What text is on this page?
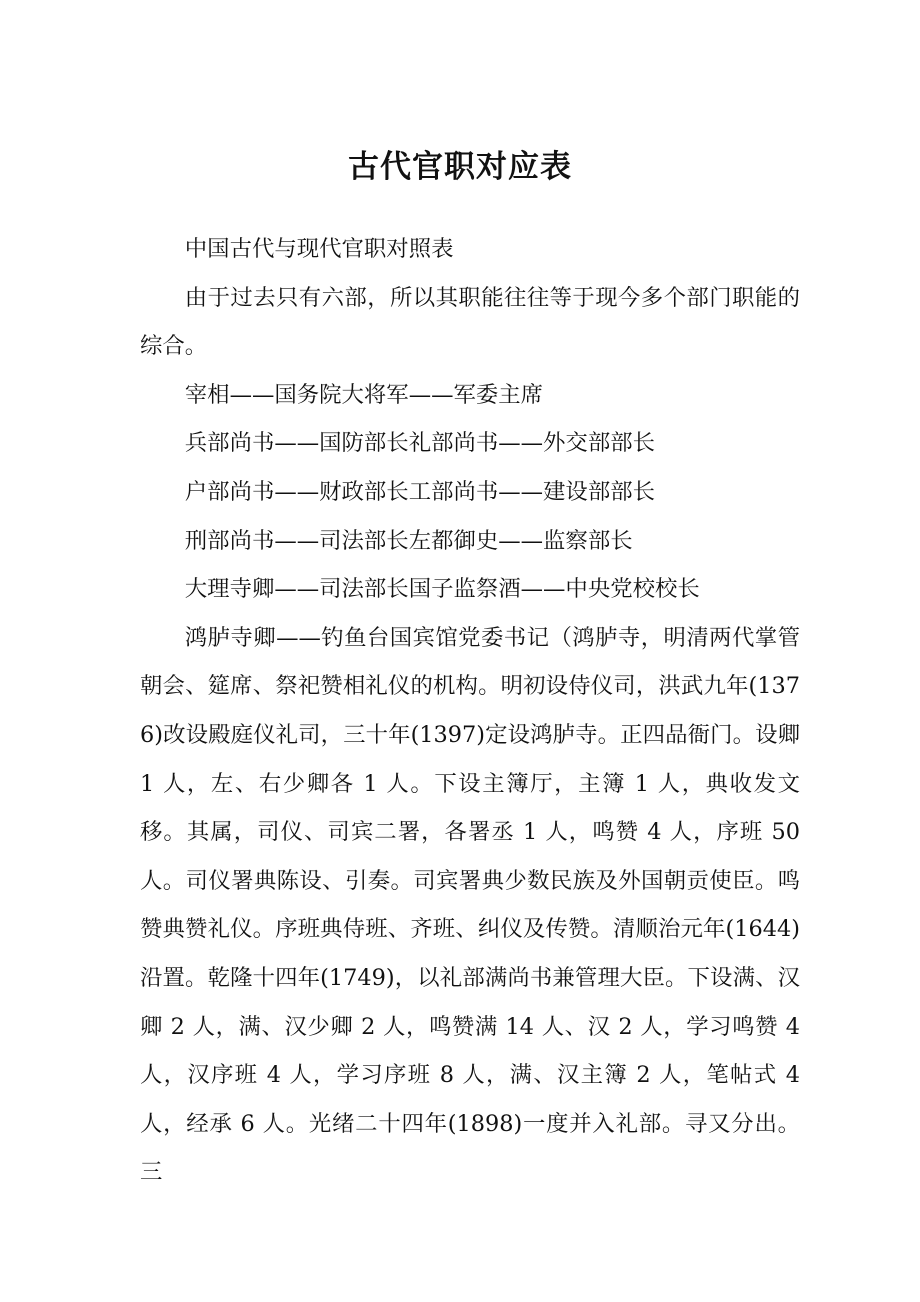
古代官职对应表

中国古代与现代官职对照表

由于过去只有六部，所以其职能往往等于现今多个部门职能的综合。

宰相——国务院大将军——军委主席

兵部尚书——国防部长礼部尚书——外交部部长

户部尚书——财政部长工部尚书——建设部部长

刑部尚书——司法部长左都御史——监察部长

大理寺卿——司法部长国子监祭酒——中央党校校长

鸿胪寺卿——钓鱼台国宾馆党委书记（鸿胪寺，明清两代掌管朝会、筵席、祭祀赞相礼仪的机构。明初设侍仪司，洪武九年(1376)改设殿庭仪礼司，三十年(1397)定设鸿胪寺。正四品衙门。设卿 1 人，左、右少卿各 1 人。下设主簿厅，主簿 1 人，典收发文移。其属，司仪、司宾二署，各署丞 1 人，鸣赞 4 人，序班 50 人。司仪署典陈设、引奏。司宾署典少数民族及外国朝贡使臣。鸣赞典赞礼仪。序班典侍班、齐班、纠仪及传赞。清顺治元年(1644)沿置。乾隆十四年(1749)，以礼部满尚书兼管理大臣。下设满、汉卿 2 人，满、汉少卿 2 人，鸣赞满 14 人、汉 2 人，学习鸣赞 4 人，汉序班 4 人，学习序班 8 人，满、汉主簿 2 人，笔帖式 4 人，经承 6 人。光绪二十四年(1898)一度并入礼部。寻又分出。三
